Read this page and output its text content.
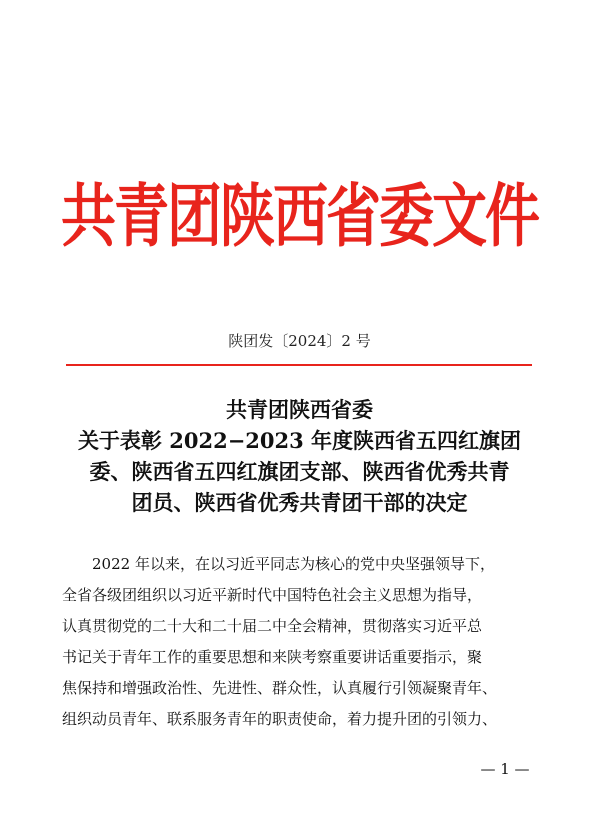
共青团陕西省委文件
陕团发〔2024〕2 号
共青团陕西省委
关于表彰 2022−2023 年度陕西省五四红旗团
委、陕西省五四红旗团支部、陕西省优秀共青
团员、陕西省优秀共青团干部的决定
2022 年以来，在以习近平同志为核心的党中央坚强领导下，
全省各级团组织以习近平新时代中国特色社会主义思想为指导，
认真贯彻党的二十大和二十届二中全会精神，贯彻落实习近平总
书记关于青年工作的重要思想和来陕考察重要讲话重要指示，聚
焦保持和增强政治性、先进性、群众性，认真履行引领凝聚青年、
组织动员青年、联系服务青年的职责使命，着力提升团的引领力、
— 1 —
